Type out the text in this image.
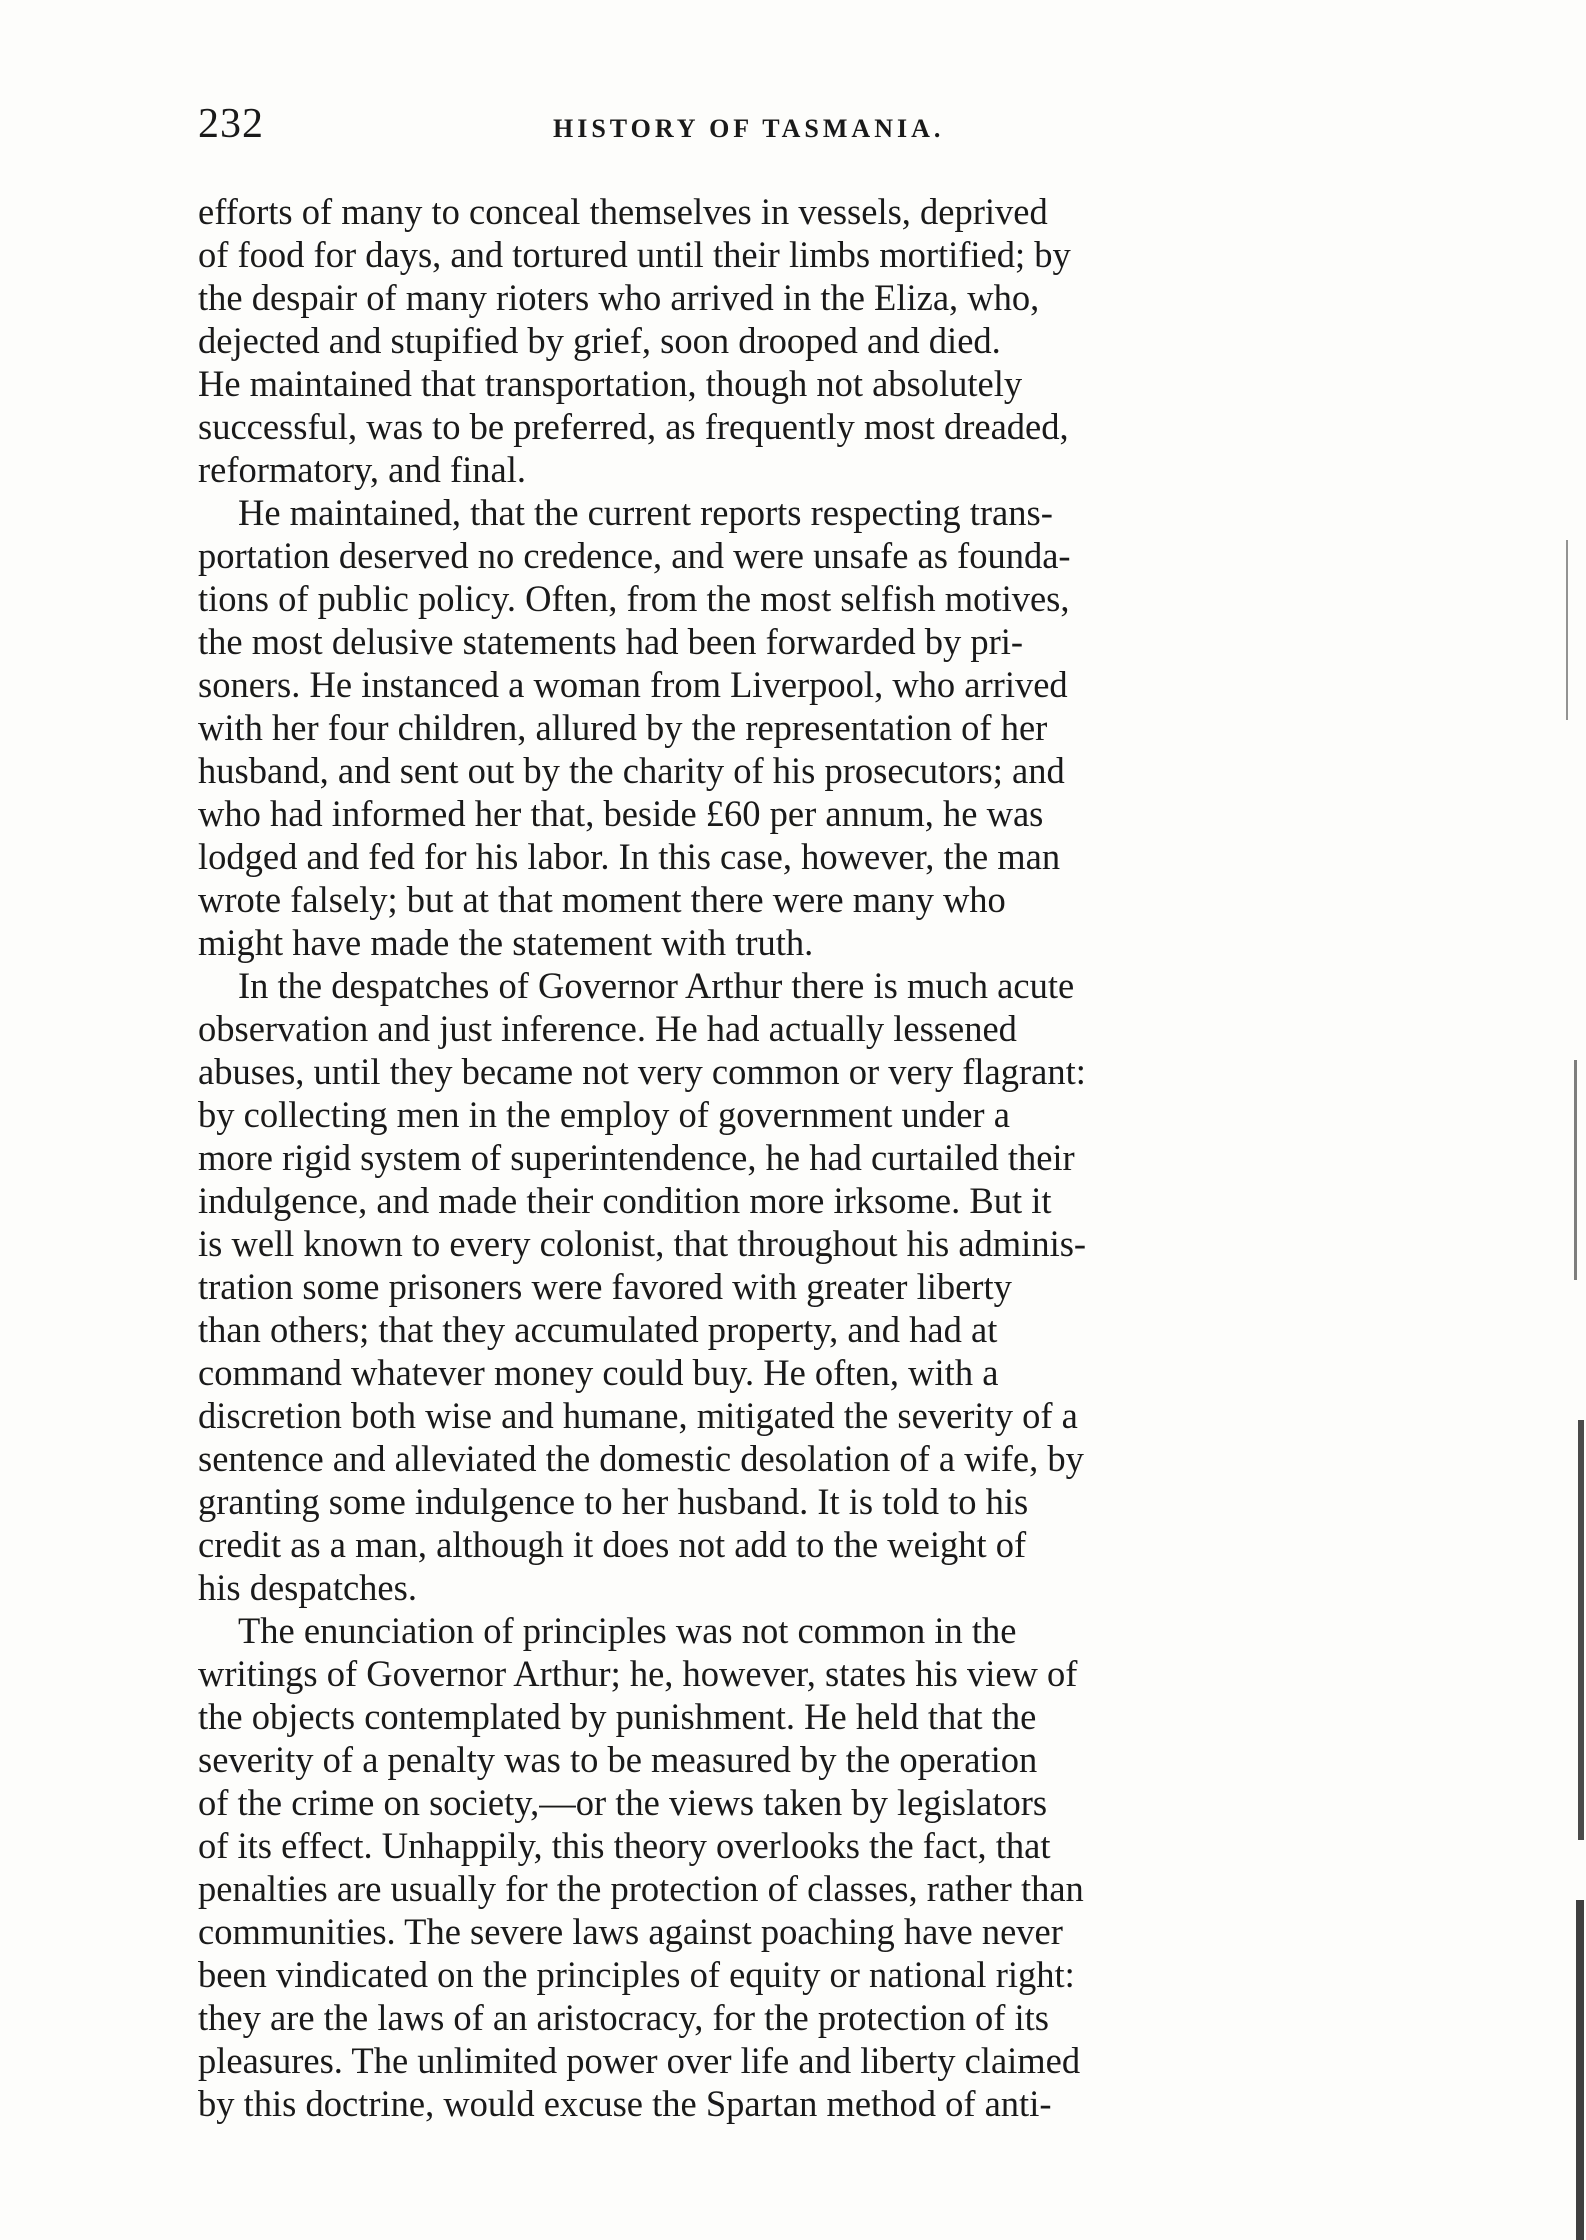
232	HISTORY OF TASMANIA.

efforts of many to conceal themselves in vessels, deprived
of food for days, and tortured until their limbs mortified; by
the despair of many rioters who arrived in the Eliza, who,
dejected and stupified by grief, soon drooped and died.
He maintained that transportation, though not absolutely
successful, was to be preferred, as frequently most dreaded,
reformatory, and final.

He maintained, that the current reports respecting trans-
portation deserved no credence, and were unsafe as founda-
tions of public policy. Often, from the most selfish motives,
the most delusive statements had been forwarded by pri-
soners. He instanced a woman from Liverpool, who arrived
with her four children, allured by the representation of her
husband, and sent out by the charity of his prosecutors; and
who had informed her that, beside £60 per annum, he was
lodged and fed for his labor. In this case, however, the man
wrote falsely; but at that moment there were many who
might have made the statement with truth.

In the despatches of Governor Arthur there is much acute
observation and just inference. He had actually lessened
abuses, until they became not very common or very flagrant:
by collecting men in the employ of government under a
more rigid system of superintendence, he had curtailed their
indulgence, and made their condition more irksome. But it
is well known to every colonist, that throughout his adminis-
tration some prisoners were favored with greater liberty
than others; that they accumulated property, and had at
command whatever money could buy. He often, with a
discretion both wise and humane, mitigated the severity of a
sentence and alleviated the domestic desolation of a wife, by
granting some indulgence to her husband. It is told to his
credit as a man, although it does not add to the weight of
his despatches.

The enunciation of principles was not common in the
writings of Governor Arthur; he, however, states his view of
the objects contemplated by punishment. He held that the
severity of a penalty was to be measured by the operation
of the crime on society,—or the views taken by legislators
of its effect. Unhappily, this theory overlooks the fact, that
penalties are usually for the protection of classes, rather than
communities. The severe laws against poaching have never
been vindicated on the principles of equity or national right:
they are the laws of an aristocracy, for the protection of its
pleasures. The unlimited power over life and liberty claimed
by this doctrine, would excuse the Spartan method of anti-
